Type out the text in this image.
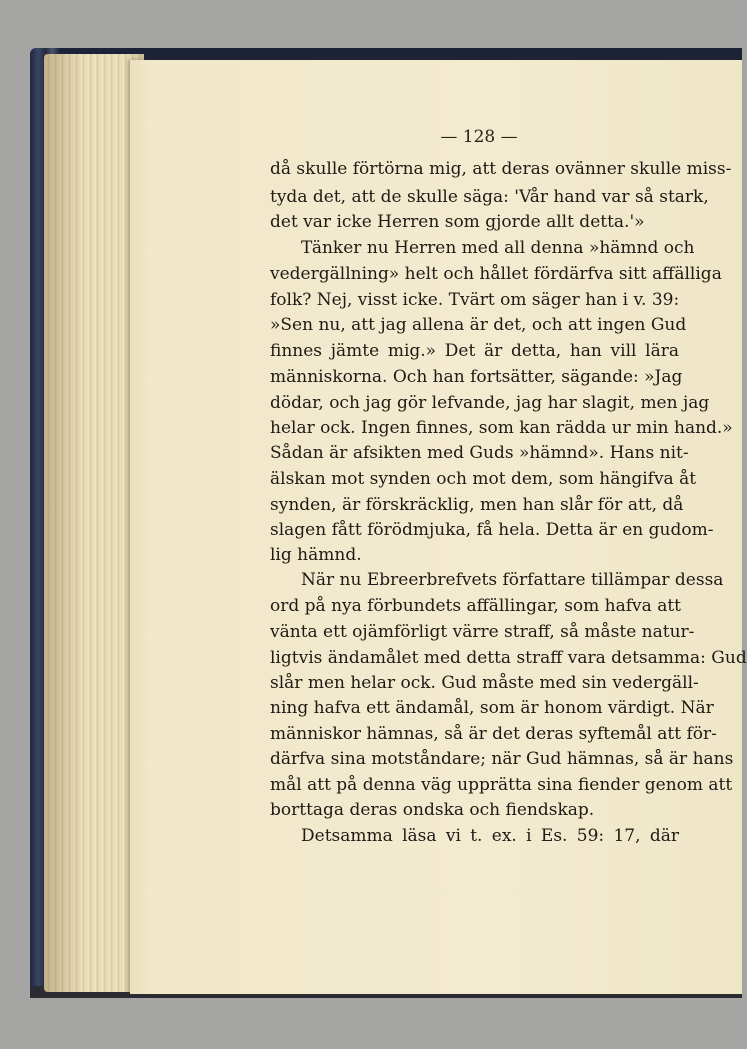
— 128 —
då skulle förtörna mig, att deras ovänner skulle miss-
tyda det, att de skulle säga: 'Vår hand var så stark,
det var icke Herren som gjorde allt detta.'»
Tänker nu Herren med all denna »hämnd och
vedergällning» helt och hållet fördärfva sitt affälliga
folk? Nej, visst icke. Tvärt om säger han i v. 39:
»Sen nu, att jag allena är det, och att ingen Gud
finnes jämte mig.» Det är detta, han vill lära
människorna. Och han fortsätter, sägande: »Jag
dödar, och jag gör lefvande, jag har slagit, men jag
helar ock. Ingen finnes, som kan rädda ur min hand.»
Sådan är afsikten med Guds »hämnd». Hans nit-
älskan mot synden och mot dem, som hängifva åt
synden, är förskräcklig, men han slår för att, då
slagen fått förödmjuka, få hela. Detta är en gudom-
lig hämnd.
När nu Ebreerbrefvets författare tillämpar dessa
ord på nya förbundets affällingar, som hafva att
vänta ett ojämförligt värre straff, så måste natur-
ligtvis ändamålet med detta straff vara detsamma: Gud
slår men helar ock. Gud måste med sin vedergäll-
ning hafva ett ändamål, som är honom värdigt. När
människor hämnas, så är det deras syftemål att för-
därfva sina motståndare; när Gud hämnas, så är hans
mål att på denna väg upprätta sina fiender genom att
borttaga deras ondska och fiendskap.
Detsamma läsa vi t. ex. i Es. 59: 17, där
